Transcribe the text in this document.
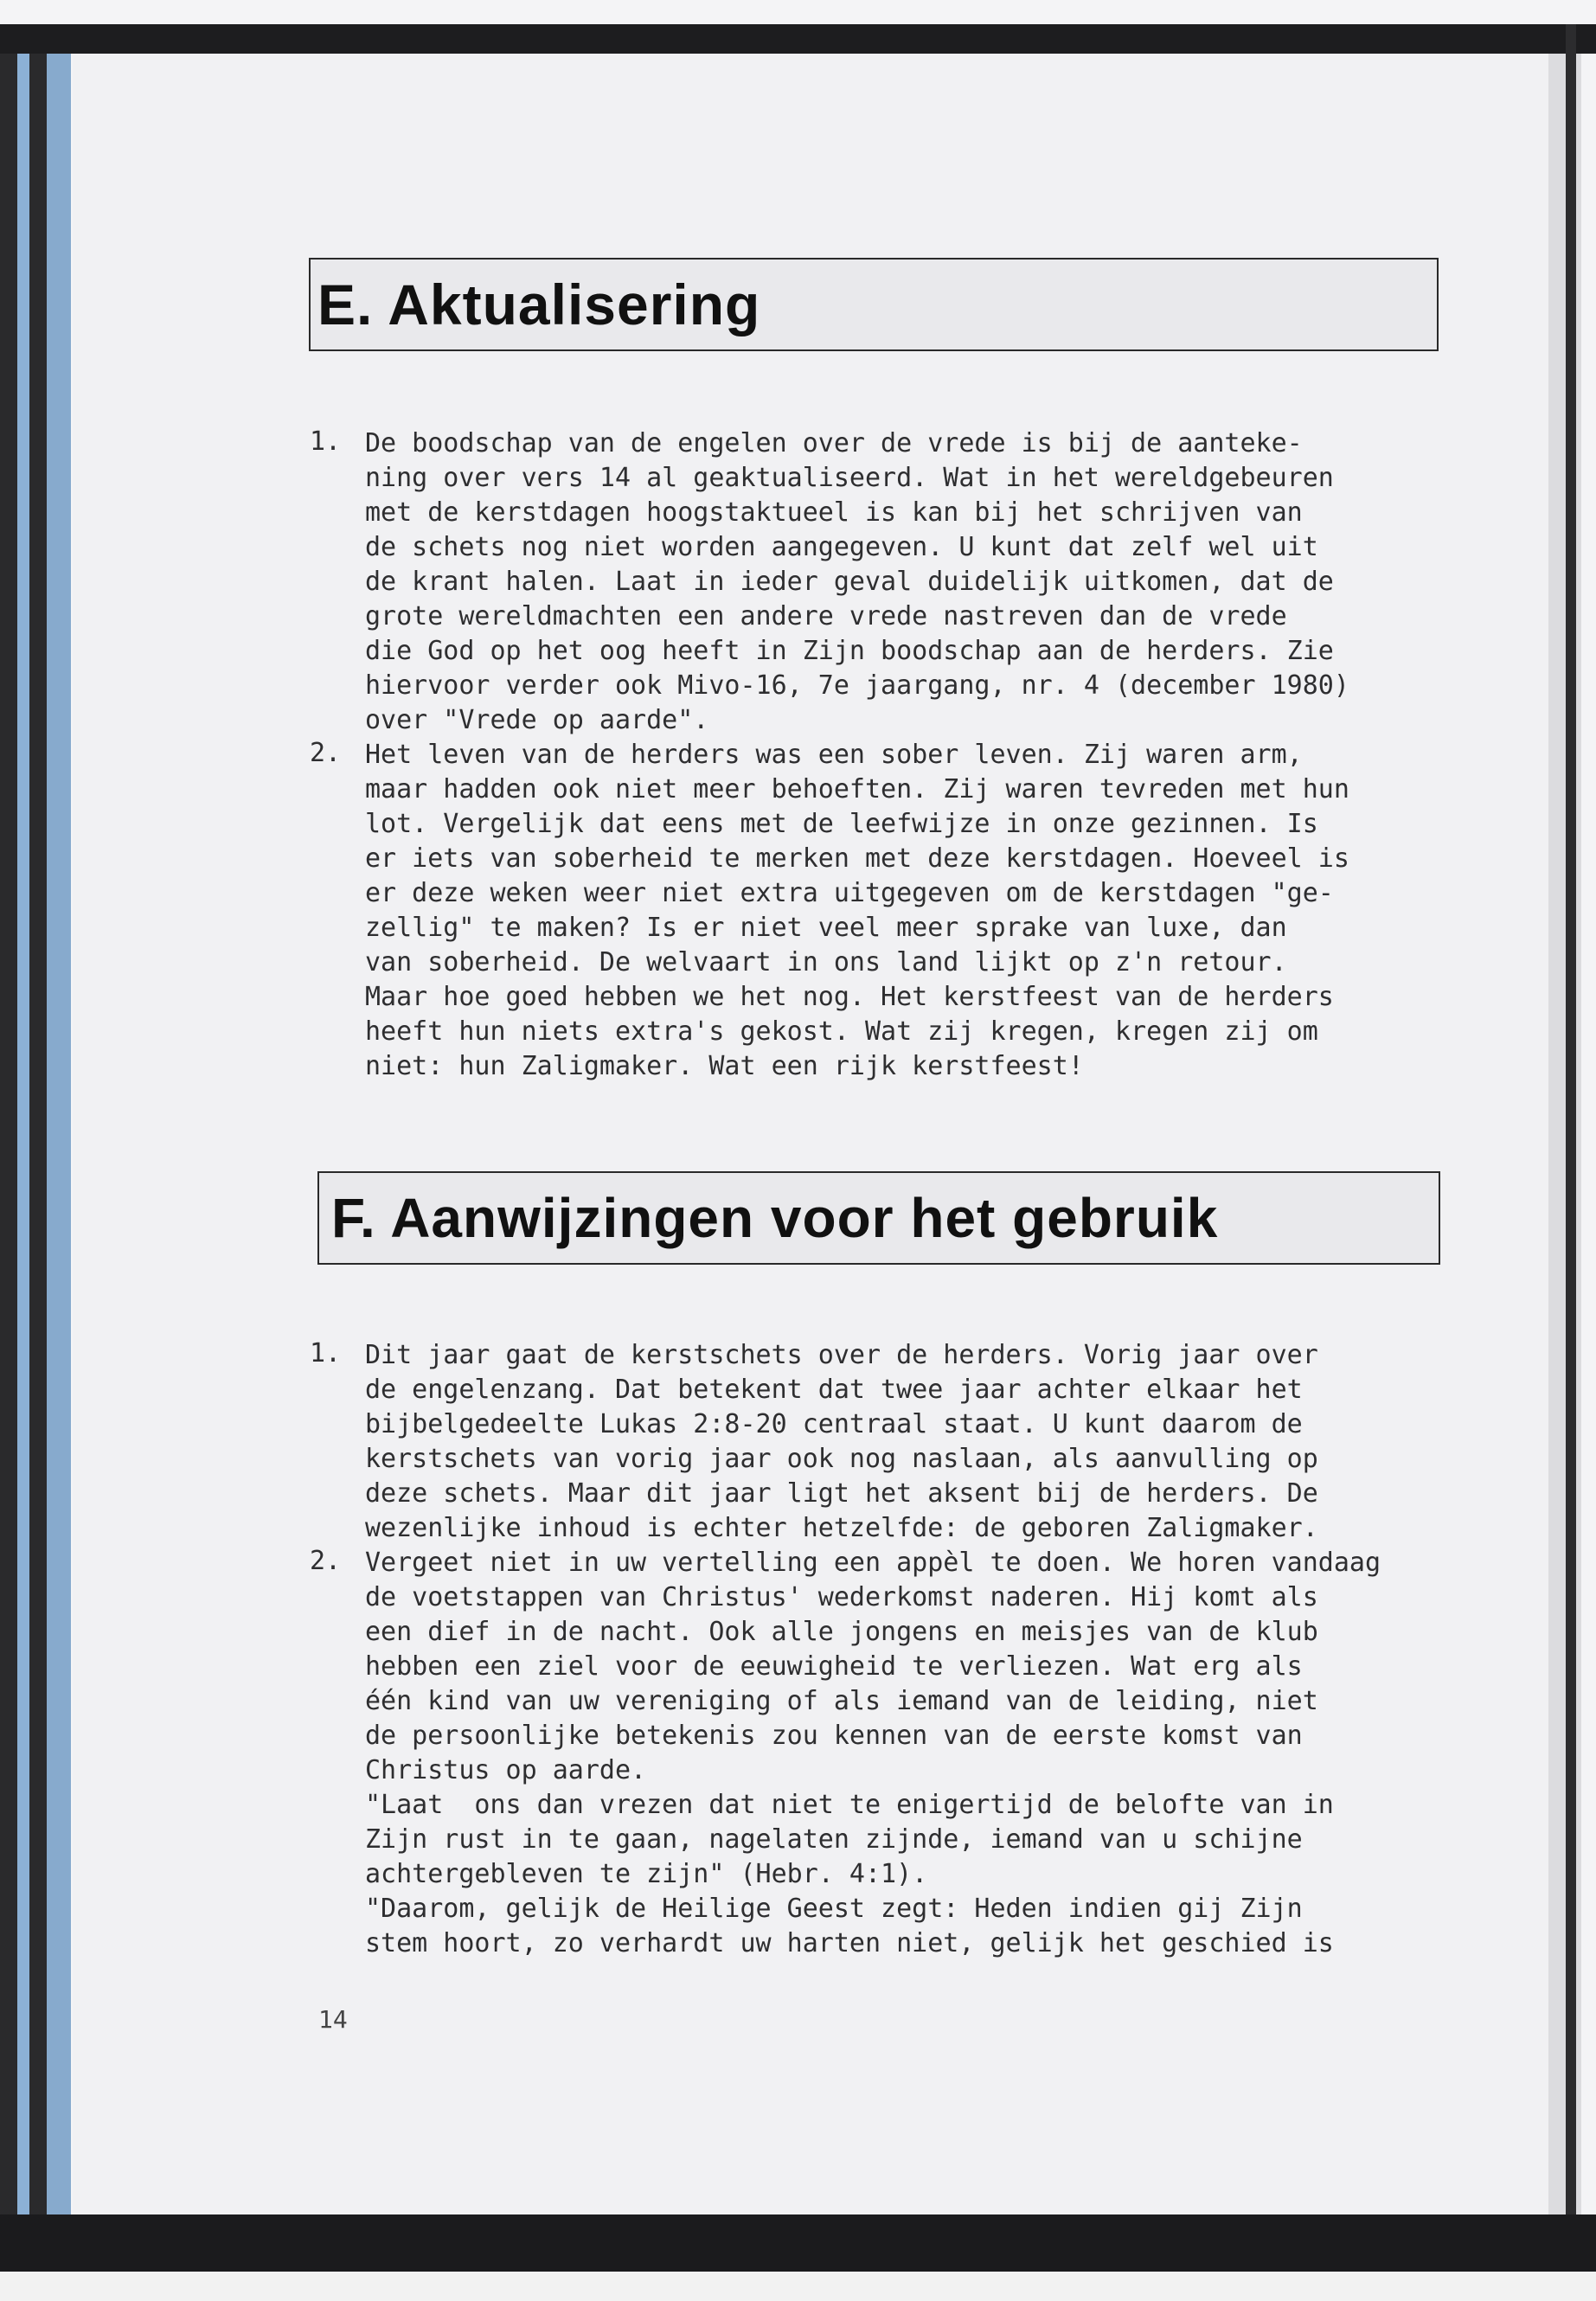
E. Aktualisering
1. De boodschap van de engelen over de vrede is bij de aanteke-
ning over vers 14 al geaktualiseerd. Wat in het wereldgebeuren
met de kerstdagen hoogstaktueel is kan bij het schrijven van
de schets nog niet worden aangegeven. U kunt dat zelf wel uit
de krant halen. Laat in ieder geval duidelijk uitkomen, dat de
grote wereldmachten een andere vrede nastreven dan de vrede
die God op het oog heeft in Zijn boodschap aan de herders. Zie
hiervoor verder ook Mivo-16, 7e jaargang, nr. 4 (december 1980)
over "Vrede op aarde".
2. Het leven van de herders was een sober leven. Zij waren arm,
maar hadden ook niet meer behoeften. Zij waren tevreden met hun
lot. Vergelijk dat eens met de leefwijze in onze gezinnen. Is
er iets van soberheid te merken met deze kerstdagen. Hoeveel is
er deze weken weer niet extra uitgegeven om de kerstdagen "ge-
zellig" te maken? Is er niet veel meer sprake van luxe, dan
van soberheid. De welvaart in ons land lijkt op z'n retour.
Maar hoe goed hebben we het nog. Het kerstfeest van de herders
heeft hun niets extra's gekost. Wat zij kregen, kregen zij om
niet: hun Zaligmaker. Wat een rijk kerstfeest!
F. Aanwijzingen voor het gebruik
1. Dit jaar gaat de kerstschets over de herders. Vorig jaar over
de engelenzang. Dat betekent dat twee jaar achter elkaar het
bijbelgedeelte Lukas 2:8-20 centraal staat. U kunt daarom de
kerstschets van vorig jaar ook nog naslaan, als aanvulling op
deze schets. Maar dit jaar ligt het aksent bij de herders. De
wezenlijke inhoud is echter hetzelfde: de geboren Zaligmaker.
2. Vergeet niet in uw vertelling een appèl te doen. We horen vandaag
de voetstappen van Christus' wederkomst naderen. Hij komt als
een dief in de nacht. Ook alle jongens en meisjes van de klub
hebben een ziel voor de eeuwigheid te verliezen. Wat erg als
één kind van uw vereniging of als iemand van de leiding, niet
de persoonlijke betekenis zou kennen van de eerste komst van
Christus op aarde.
"Laat  ons dan vrezen dat niet te enigertijd de belofte van in
Zijn rust in te gaan, nagelaten zijnde, iemand van u schijne
achtergebleven te zijn" (Hebr. 4:1).
"Daarom, gelijk de Heilige Geest zegt: Heden indien gij Zijn
stem hoort, zo verhardt uw harten niet, gelijk het geschied is
14
